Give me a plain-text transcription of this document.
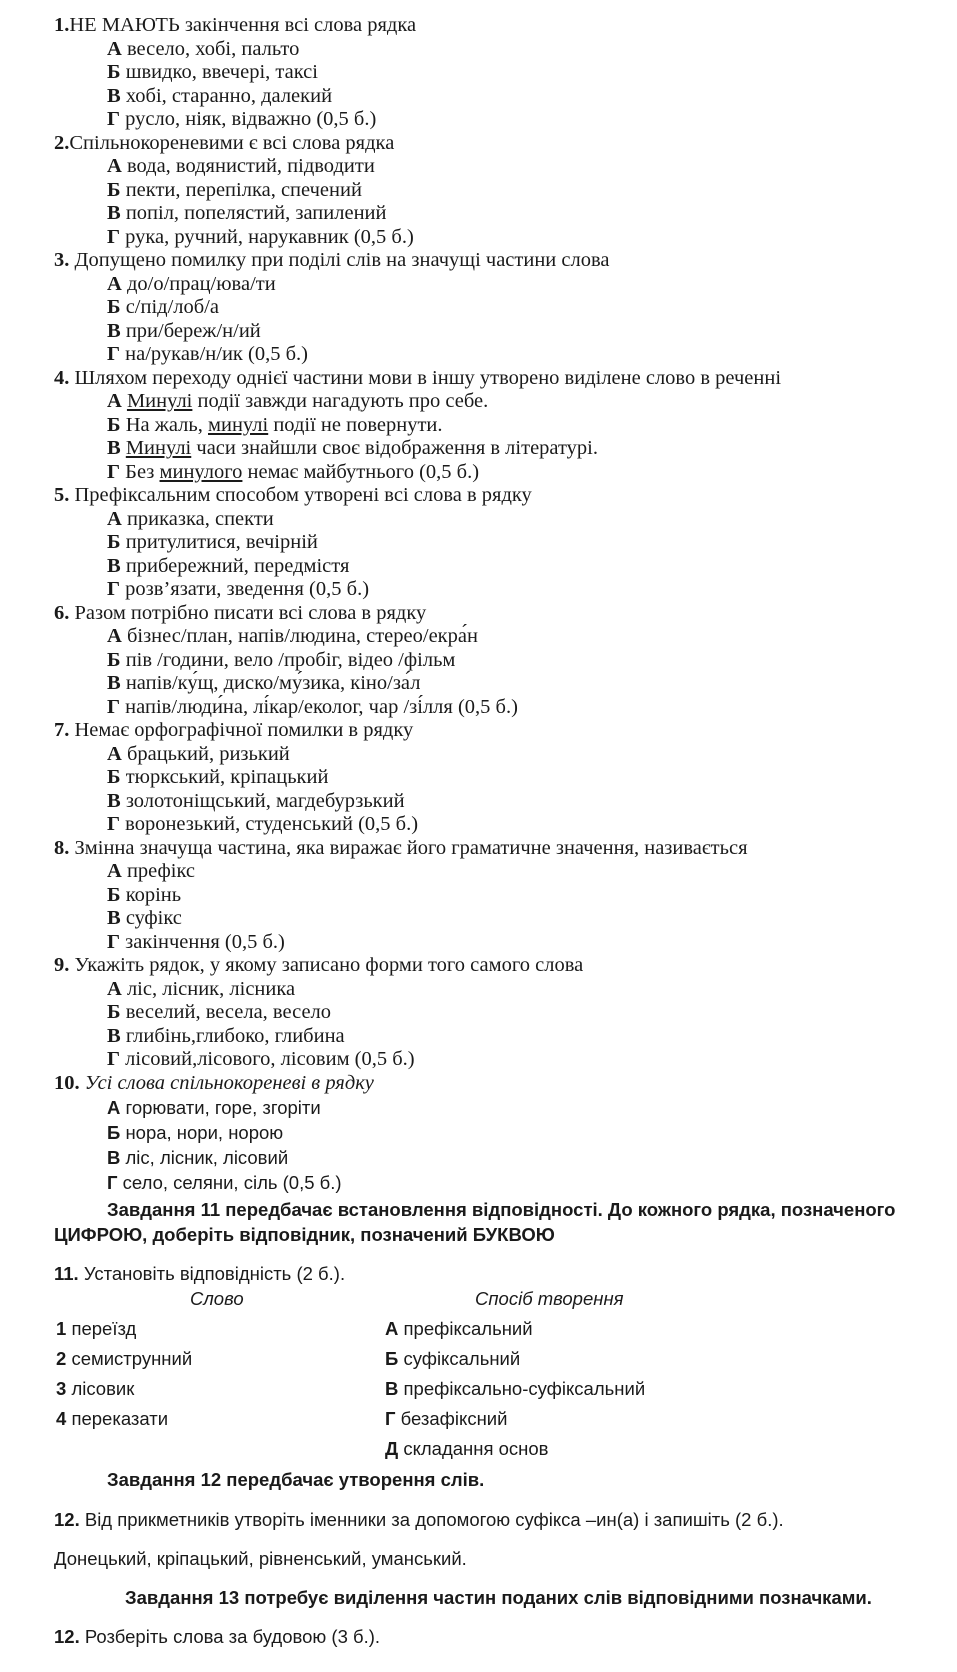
1.НЕ МАЮТЬ закінчення всі слова рядка
А весело, хобі, пальто
Б швидко, ввечері, таксі
В хобі, старанно, далекий
Г русло, ніяк, відважно (0,5 б.)
2.Спільнокореневими є всі слова рядка
А вода, водянистий, підводити
Б пекти, перепілка, спечений
В попіл, попелястий, запилений
Г рука, ручний, нарукавник (0,5 б.)
3. Допущено помилку при поділі слів на значущі частини слова
А до/о/прац/юва/ти
Б с/під/лоб/а
В при/береж/н/ий
Г на/рукав/н/ик (0,5 б.)
4. Шляхом переходу однієї частини мови в іншу утворено виділене слово в реченні
А Минулі події завжди нагадують про себе.
Б На жаль, минулі події не повернути.
В Минулі часи знайшли своє відображення в літературі.
Г Без минулого немає майбутнього (0,5 б.)
5. Префіксальним способом утворені всі слова в рядку
А приказка, спекти
Б притулитися, вечірній
В прибережний, передмістя
Г розв’язати, зведення (0,5 б.)
6. Разом потрібно писати всі слова в рядку
А бізнес/план, напів/людина, стерео/екра́н
Б пів /години, вело /пробіг, відео /фільм
В напів/ку́щ, диско/му́зика, кіно/за́л
Г напів/люди́на, лі́кар/еколог, чар /зі́лля (0,5 б.)
7. Немає орфографічної помилки в рядку
А брацький, ризький
Б тюркський, кріпацький
В золотоніщський, магдебурзький
Г воронезький, студенський (0,5 б.)
8. Змінна значуща частина, яка виражає його граматичне значення, називається
А префікс
Б корінь
В суфікс
Г закінчення (0,5 б.)
9. Укажіть рядок, у якому записано форми того самого слова
А ліс, лісник, лісника
Б веселий, весела, весело
В глибінь,глибоко, глибина
Г лісовий,лісового, лісовим (0,5 б.)
10. Усі слова спільнокореневі в рядку
А горювати, горе, згоріти
Б нора, нори, норою
В ліс, лісник, лісовий
Г село, селяни, сіль (0,5 б.)
Завдання 11 передбачає встановлення відповідності. До кожного рядка, позначеного ЦИФРОЮ, доберіть відповідник, позначений БУКВОЮ
11. Установіть відповідність (2 б.).
Слово	Спосіб творення
1 переїзд	А префіксальний
2 семиструнний	Б суфіксальний
3 лісовик	В префіксально-суфіксальний
4 переказати	Г безафіксний
Д складання основ
Завдання 12 передбачає утворення слів.
12. Від прикметників утворіть іменники за допомогою суфікса –ин(а) і запишіть (2 б.).
Донецький, кріпацький, рівненський, уманський.
Завдання 13 потребує виділення частин поданих слів відповідними позначками.
12. Розберіть слова за будовою (3 б.).
